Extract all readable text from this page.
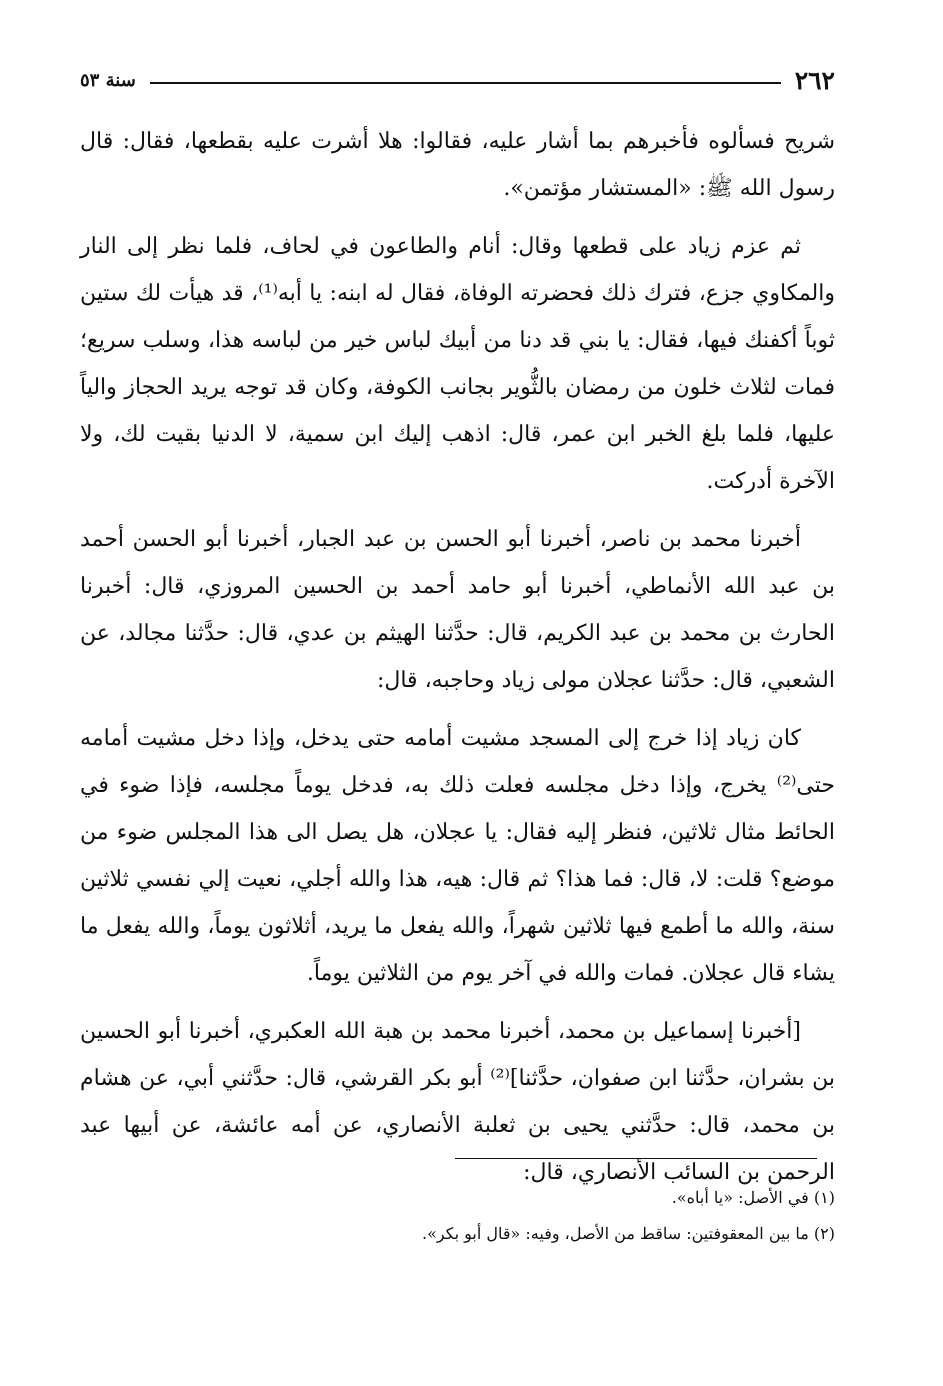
٢٦٢
سنة ٥٣

شريح فسألوه فأخبرهم بما أشار عليه، فقالوا: هلا أشرت عليه بقطعها، فقال: قال رسول الله ﷺ: «المستشار مؤتمن».

ثم عزم زياد على قطعها وقال: أنام والطاعون في لحاف، فلما نظر إلى النار والمكاوي جزع، فترك ذلك فحضرته الوفاة، فقال له ابنه: يا أبه⁽¹⁾، قد هيأت لك ستين ثوباً أكفنك فيها، فقال: يا بني قد دنا من أبيك لباس خير من لباسه هذا، وسلب سريع؛ فمات لثلاث خلون من رمضان بالثُّوير بجانب الكوفة، وكان قد توجه يريد الحجاز والياً عليها، فلما بلغ الخبر ابن عمر، قال: اذهب إليك ابن سمية، لا الدنيا بقيت لك، ولا الآخرة أدركت.

أخبرنا محمد بن ناصر، أخبرنا أبو الحسن بن عبد الجبار، أخبرنا أبو الحسن أحمد بن عبد الله الأنماطي، أخبرنا أبو حامد أحمد بن الحسين المروزي، قال: أخبرنا الحارث بن محمد بن عبد الكريم، قال: حدَّثنا الهيثم بن عدي، قال: حدَّثنا مجالد، عن الشعبي، قال: حدَّثنا عجلان مولى زياد وحاجبه، قال:

كان زياد إذا خرج إلى المسجد مشيت أمامه حتى يدخل، وإذا دخل مشيت أمامه حتى⁽²⁾ يخرج، وإذا دخل مجلسه فعلت ذلك به، فدخل يوماً مجلسه، فإذا ضوء في الحائط مثال ثلاثين، فنظر إليه فقال: يا عجلان، هل يصل الى هذا المجلس ضوء من موضع؟ قلت: لا، قال: فما هذا؟ ثم قال: هيه، هذا والله أجلي، نعيت إلي نفسي ثلاثين سنة، والله ما أطمع فيها ثلاثين شهراً، والله يفعل ما يريد، أثلاثون يوماً، والله يفعل ما يشاء قال عجلان. فمات والله في آخر يوم من الثلاثين يوماً.

[أخبرنا إسماعيل بن محمد، أخبرنا محمد بن هبة الله العكبري، أخبرنا أبو الحسين بن بشران، حدَّثنا ابن صفوان، حدَّثنا]⁽²⁾ أبو بكر القرشي، قال: حدَّثني أبي، عن هشام بن محمد، قال: حدَّثني يحيى بن ثعلبة الأنصاري، عن أمه عائشة، عن أبيها عبد الرحمن بن السائب الأنصاري، قال:

(١) في الأصل: «يا أباه».

(٢) ما بين المعقوفتين: ساقط من الأصل، وفيه: «قال أبو بكر».
